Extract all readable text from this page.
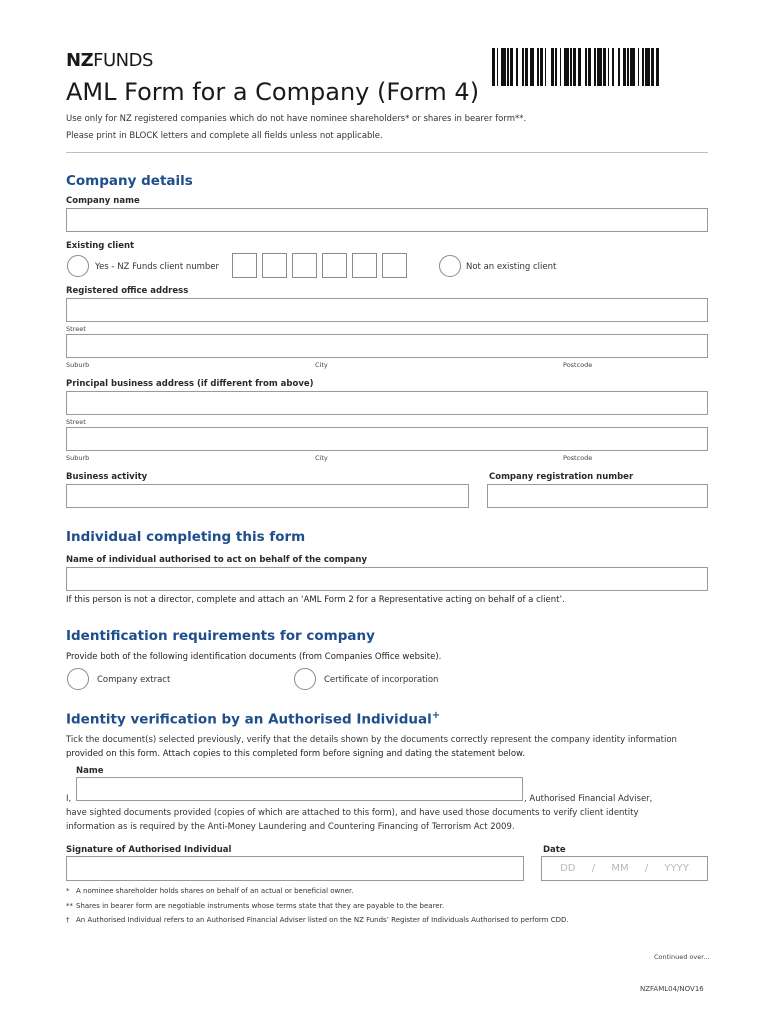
NZFUNDS
AML Form for a Company (Form 4)
Use only for NZ registered companies which do not have nominee shareholders* or shares in bearer form**.
Please print in BLOCK letters and complete all fields unless not applicable.
Company details
Company name
Existing client
Yes - NZ Funds client number	Not an existing client
Registered office address
Street
Suburb	City	Postcode
Principal business address (if different from above)
Street
Suburb	City	Postcode
Business activity	Company registration number
Individual completing this form
Name of individual authorised to act on behalf of the company
If this person is not a director, complete and attach an ‘AML Form 2 for a Representative acting on behalf of a client’.
Identification requirements for company
Provide both of the following identification documents (from Companies Office website).
Company extract	Certificate of incorporation
Identity verification by an Authorised Individual+
Tick the document(s) selected previously, verify that the details shown by the documents correctly represent the company identity information
provided on this form. Attach copies to this completed form before signing and dating the statement below.
Name
I,	, Authorised Financial Adviser,
have sighted documents provided (copies of which are attached to this form), and have used those documents to verify client identity
information as is required by the Anti-Money Laundering and Countering Financing of Terrorism Act 2009.
Signature of Authorised Individual	Date
DD / MM / YYYY
* A nominee shareholder holds shares on behalf of an actual or beneficial owner.
** Shares in bearer form are negotiable instruments whose terms state that they are payable to the bearer.
† An Authorised Individual refers to an Authorised Financial Adviser listed on the NZ Funds’ Register of Individuals Authorised to perform CDD.
Continued over...
NZFAML04/NOV16
